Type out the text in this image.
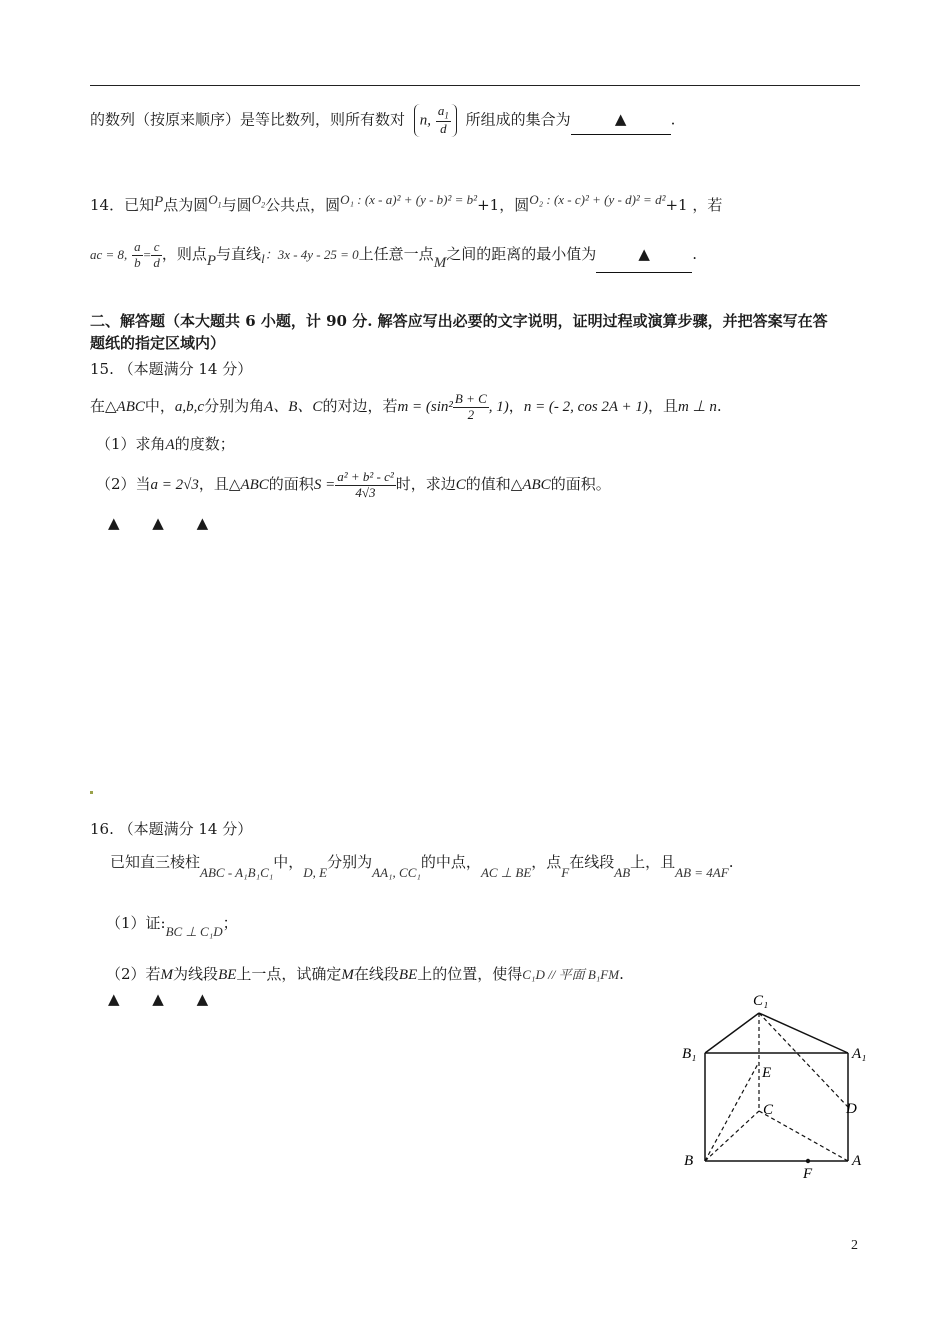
的数列（按原来顺序）是等比数列，则所有数对 n, $\frac{a_1}{d}$ 所组成的集合为	▲	.
14．已知P点为圆$O_1$与圆$O_2$公共点，圆O₁ : (x - a)² + (y - b)² = b²+1，圆O₂ : (x - c)² + (y - d)² = d²+1 ，若
ac = 8, $\frac{a}{b} = \frac{c}{d}$ ，则点P与直线l：3x - 4y - 25 = 0上任意一点M之间的距离的最小值为	▲	.
二、解答题（本大题共 6 小题，计 90 分. 解答应写出必要的文字说明，证明过程或演算步骤，并把答案写在答
题纸的指定区域内）
15. （本题满分 14 分）
在△ABC中，a,b,c分别为角A、B、C的对边，若$m = (\sin^2 \frac{B + C}{2}$ , 1)，n = (- 2, cos 2A + 1)，且m ⊥ n.
（1）求角A的度数；
（2）当a = 2√3，且△ABC的面积$S = \frac{\text{a² + b² - c²}}{4√3}$ 时，求边C的值和△ABC的面积。
▲ ▲ ▲
16. （本题满分 14 分）
已知直三棱柱ABC - A₁B₁C₁中，D, E分别为AA₁, CC₁的中点，AC ⊥ BE，点F在线段AB上，且AB = 4AF.
（1）证:BC ⊥ C₁D；
（2）若M为线段BE上一点，试确定M在线段BE上的位置，使得C₁D // 平面 B₁FM.
▲ ▲ ▲	C₁
B₁	A₁
E
C	D
B	A
F
2
